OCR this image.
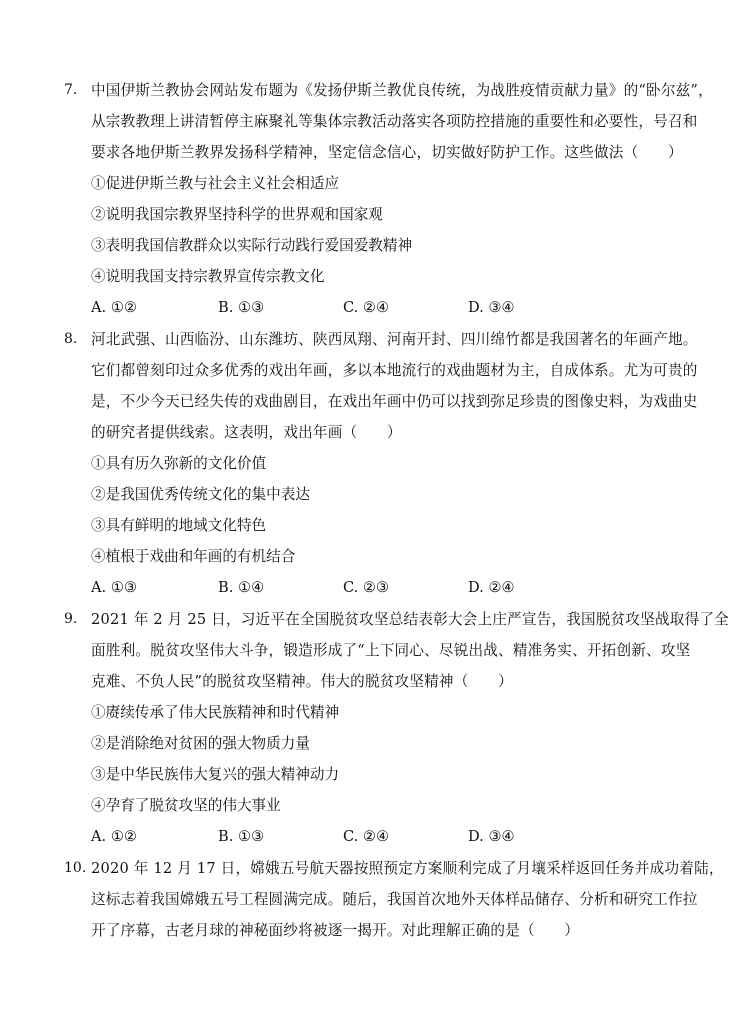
7. 中国伊斯兰教协会网站发布题为《发扬伊斯兰教优良传统，为战胜疫情贡献力量》的“卧尔兹”，
从宗教教理上讲清暂停主麻聚礼等集体宗教活动落实各项防控措施的重要性和必要性，号召和
要求各地伊斯兰教界发扬科学精神，坚定信念信心，切实做好防护工作。这些做法（　　）
①促进伊斯兰教与社会主义社会相适应
②说明我国宗教界坚持科学的世界观和国家观
③表明我国信教群众以实际行动践行爱国爱教精神
④说明我国支持宗教界宣传宗教文化
A. ①②	B. ①③	C. ②④	D. ③④
8. 河北武强、山西临汾、山东潍坊、陕西凤翔、河南开封、四川绵竹都是我国著名的年画产地。
它们都曾刻印过众多优秀的戏出年画，多以本地流行的戏曲题材为主，自成体系。尤为可贵的
是，不少今天已经失传的戏曲剧目，在戏出年画中仍可以找到弥足珍贵的图像史料，为戏曲史
的研究者提供线索。这表明，戏出年画（　　）
①具有历久弥新的文化价值
②是我国优秀传统文化的集中表达
③具有鲜明的地域文化特色
④植根于戏曲和年画的有机结合
A. ①③	B. ①④	C. ②③	D. ②④
9. 2021 年 2 月 25 日，习近平在全国脱贫攻坚总结表彰大会上庄严宣告，我国脱贫攻坚战取得了全
面胜利。脱贫攻坚伟大斗争，锻造形成了“上下同心、尽锐出战、精准务实、开拓创新、攻坚
克难、不负人民”的脱贫攻坚精神。伟大的脱贫攻坚精神（　　）
①赓续传承了伟大民族精神和时代精神
②是消除绝对贫困的强大物质力量
③是中华民族伟大复兴的强大精神动力
④孕育了脱贫攻坚的伟大事业
A. ①②	B. ①③	C. ②④	D. ③④
10. 2020 年 12 月 17 日，嫦娥五号航天器按照预定方案顺利完成了月壤采样返回任务并成功着陆，
这标志着我国嫦娥五号工程圆满完成。随后，我国首次地外天体样品储存、分析和研究工作拉
开了序幕，古老月球的神秘面纱将被逐一揭开。对此理解正确的是（　　）
